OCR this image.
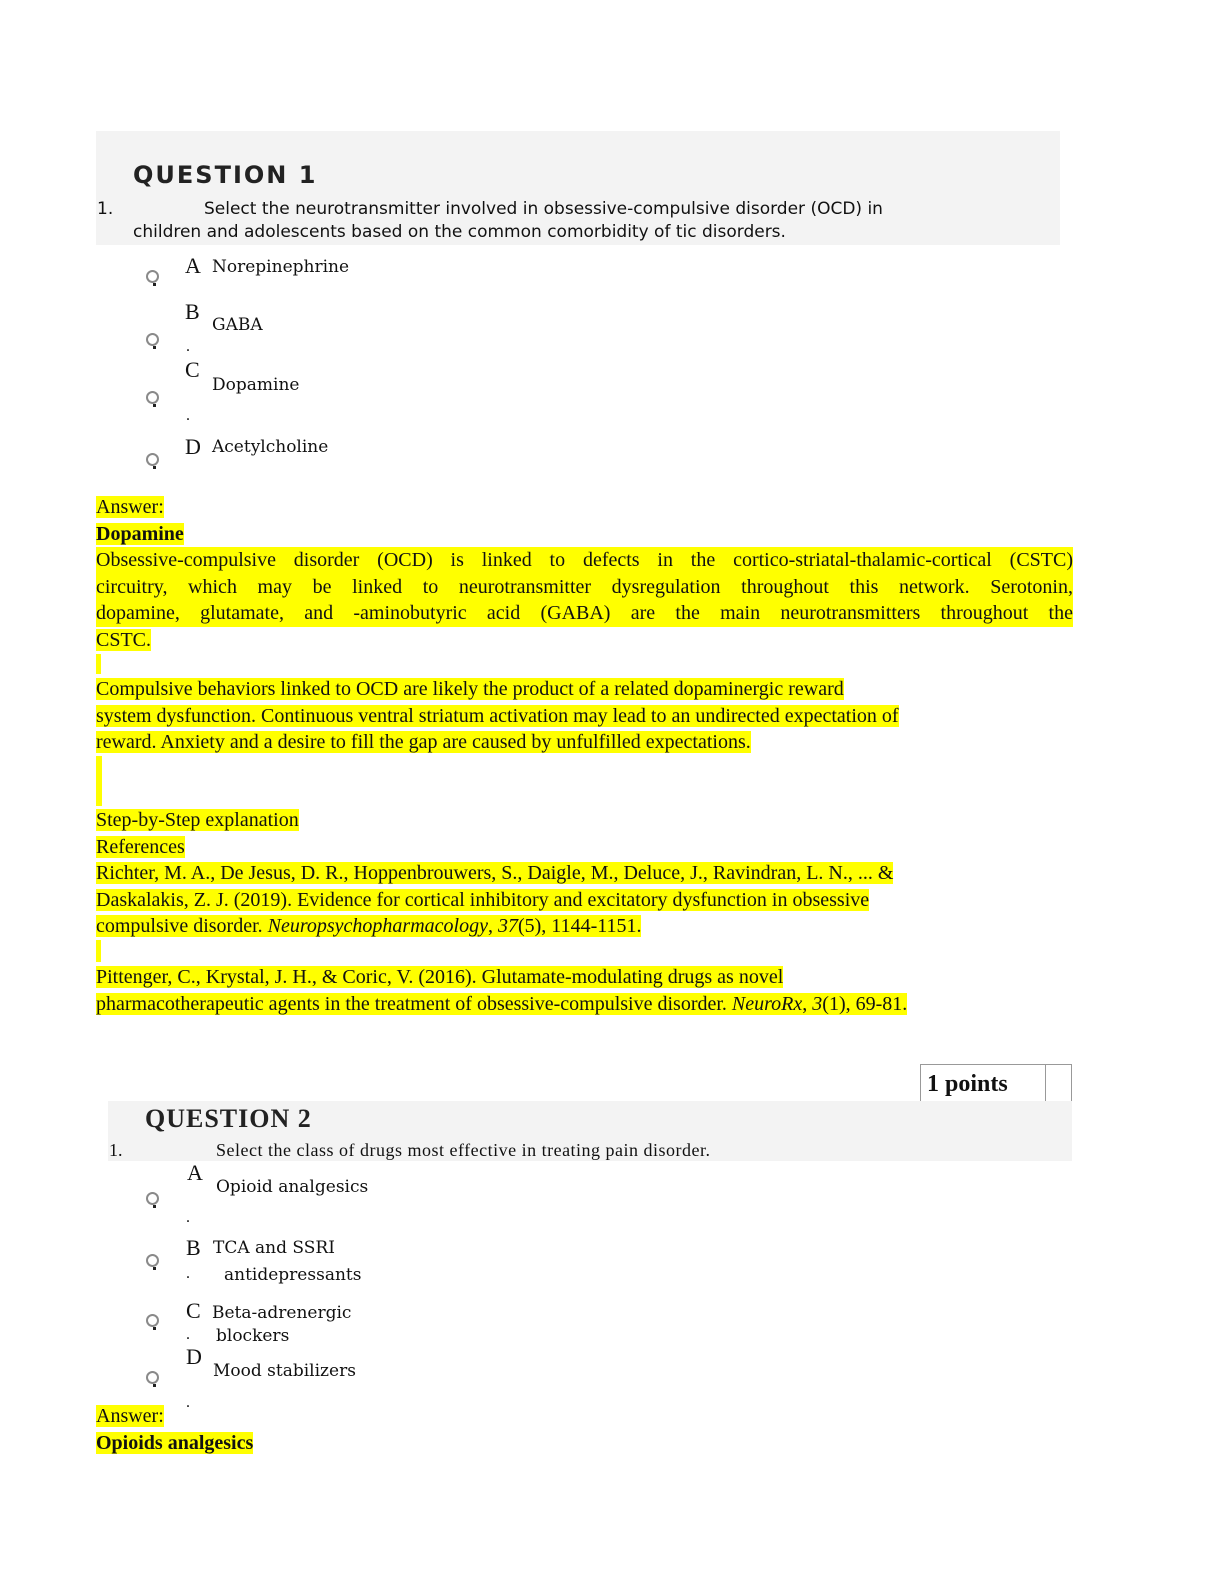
QUESTION 1
1.	Select the neurotransmitter involved in obsessive-compulsive disorder (OCD) in
children and adolescents based on the common comorbidity of tic disorders.
A Norepinephrine
B
GABA
.
C
Dopamine
.
D Acetylcholine
Answer:
Dopamine
Obsessive-compulsive disorder (OCD) is linked to defects in the cortico-striatal-thalamic-cortical (CSTC)
circuitry, which may be linked to neurotransmitter dysregulation throughout this network. Serotonin,
dopamine, glutamate, and -aminobutyric acid (GABA) are the main neurotransmitters throughout the
CSTC.
Compulsive behaviors linked to OCD are likely the product of a related dopaminergic reward
system dysfunction. Continuous ventral striatum activation may lead to an undirected expectation of
reward. Anxiety and a desire to fill the gap are caused by unfulfilled expectations.
Step-by-Step explanation
References
Richter, M. A., De Jesus, D. R., Hoppenbrouwers, S., Daigle, M., Deluce, J., Ravindran, L. N., ... &
Daskalakis, Z. J. (2019). Evidence for cortical inhibitory and excitatory dysfunction in obsessive
compulsive disorder. Neuropsychopharmacology, 37(5), 1144-1151.
Pittenger, C., Krystal, J. H., & Coric, V. (2016). Glutamate-modulating drugs as novel
pharmacotherapeutic agents in the treatment of obsessive-compulsive disorder. NeuroRx, 3(1), 69-81.
1 points
QUESTION 2
1.	Select the class of drugs most effective in treating pain disorder.
A
Opioid analgesics
.
B TCA and SSRI
. antidepressants
C Beta-adrenergic
. blockers
D
Mood stabilizers
.
Answer:
Opioids analgesics
